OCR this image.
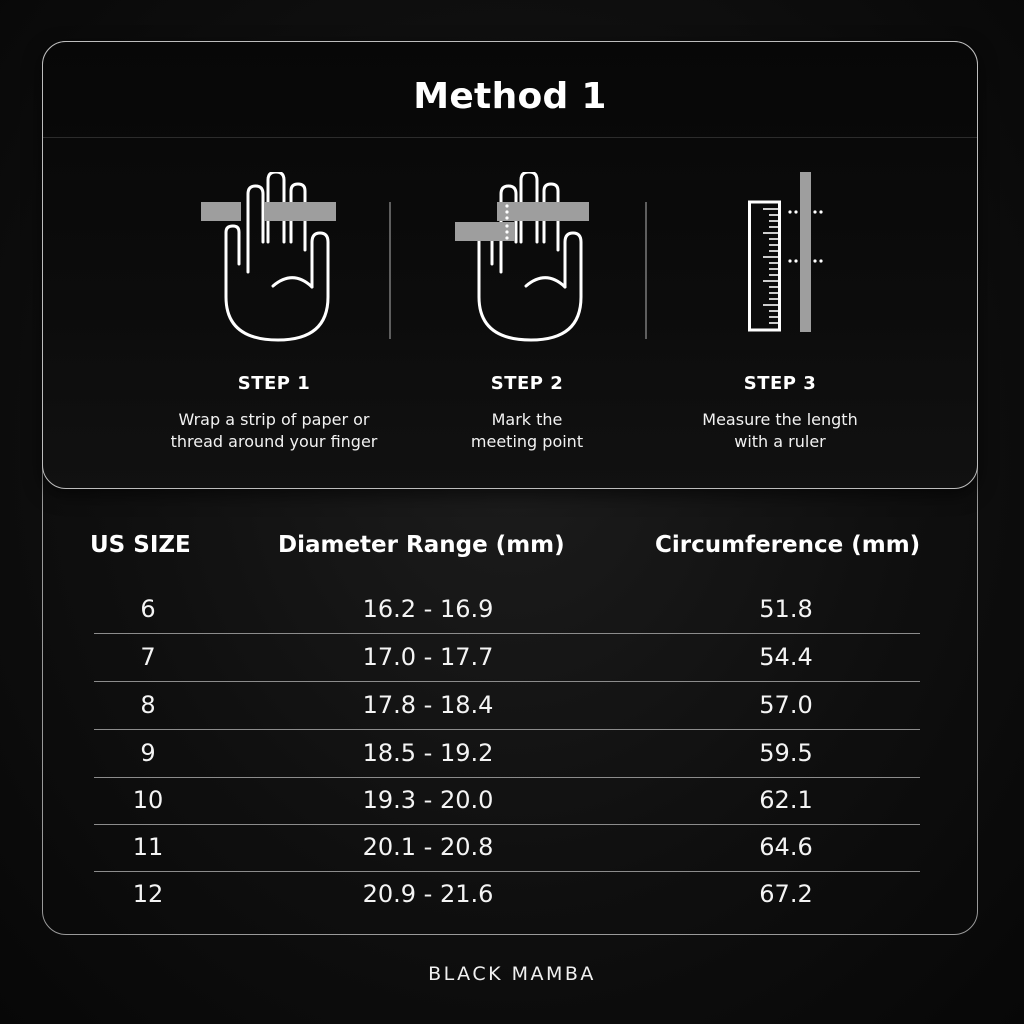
Method 1
STEP 1
Wrap a strip of paper or
thread around your finger
STEP 2
Mark the
meeting point
STEP 3
Measure the length
with a ruler
US SIZE	Diameter Range (mm)	Circumference (mm)
6	16.2 - 16.9	51.8
7	17.0 - 17.7	54.4
8	17.8 - 18.4	57.0
9	18.5 - 19.2	59.5
10	19.3 - 20.0	62.1
11	20.1 - 20.8	64.6
12	20.9 - 21.6	67.2
BLACK MAMBA
